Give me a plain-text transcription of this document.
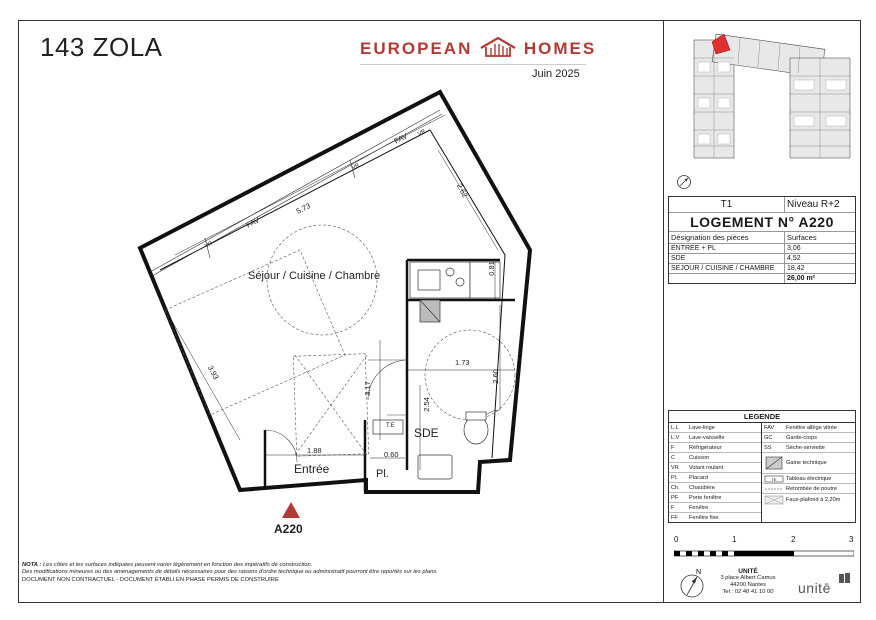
143 ZOLA	EUROPEAN	HOMES
Juin 2025
T1	Niveau R+2
LOGEMENT N° A220
Désignation des pièces	Surfaces
ENTREE + PL	3,06
SDE	4,52
SEJOUR / CUISINE / CHAMBRE	18,42
26,00 m²
LEGENDE
L.L	Lave-linge
L.V	Lave-vaisselle
F	Réfrigérateur
C	Cuisson
VR	Volant roulant
Pl.	Placard
Ch.	Chaudière
PF	Porte fenêtre
F	Fenêtre
FF	Fenêtre fixe
FAV	Fenêtre allège vitrée
GC	Garde-corps
SS	Sèche-serviette
Gaine technique
TE Tableau électrique
Retombée de poutre
Faux-plafond à 2,20m
0	1	2	3
NOTA : Les côtes et les surfaces indiquées peuvent varier légèrement en fonction des impératifs de construction.
Des modifications mineures ou des aménagements de détails nécessaires pour des raisons d'ordre technique ou administratif pourront être reportés sur les plans.
DOCUMENT NON CONTRACTUEL - DOCUMENT ÉTABLI EN PHASE PERMIS DE CONSTRUIRE
N	UNITÉ
3 place Albert Camus
44200 Nantes
Tel : 02 40 41 10 00	unitē
Séjour / Cuisine / Chambre
SDE
Entrée	Pl.
T.E
5.73
2.62
0.81
3.93
1.73
2.60
3.17
2.54
1.88	0.60
FAV
FAV
VR
VR
VR
A220
